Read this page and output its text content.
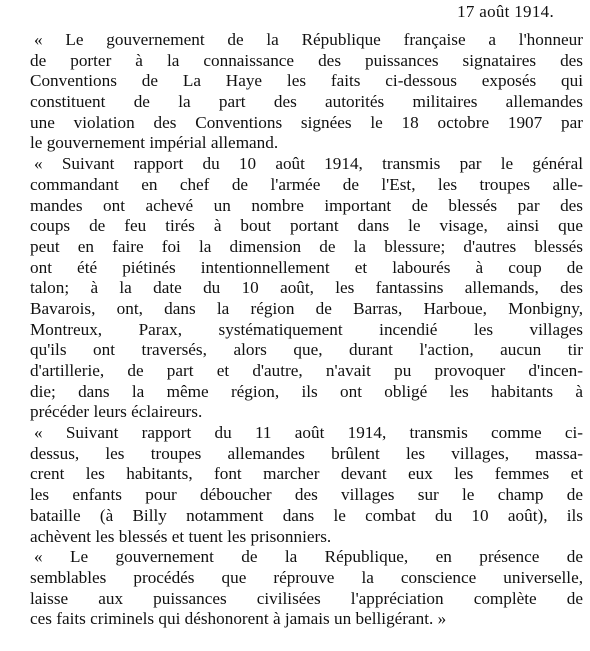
17 août 1914.
« Le gouvernement de la République française a l'honneur
de porter à la connaissance des puissances signataires des
Conventions de La Haye les faits ci-dessous exposés qui
constituent de la part des autorités militaires allemandes
une violation des Conventions signées le 18 octobre 1907 par
le gouvernement impérial allemand.
« Suivant rapport du 10 août 1914, transmis par le général
commandant en chef de l'armée de l'Est, les troupes alle-
mandes ont achevé un nombre important de blessés par des
coups de feu tirés à bout portant dans le visage, ainsi que
peut en faire foi la dimension de la blessure; d'autres blessés
ont été piétinés intentionnellement et labourés à coup de
talon; à la date du 10 août, les fantassins allemands, des
Bavarois, ont, dans la région de Barras, Harboue, Monbigny,
Montreux, Parax, systématiquement incendié les villages
qu'ils ont traversés, alors que, durant l'action, aucun tir
d'artillerie, de part et d'autre, n'avait pu provoquer d'incen-
die; dans la même région, ils ont obligé les habitants à
précéder leurs éclaireurs.
« Suivant rapport du 11 août 1914, transmis comme ci-
dessus, les troupes allemandes brûlent les villages, massa-
crent les habitants, font marcher devant eux les femmes et
les enfants pour déboucher des villages sur le champ de
bataille (à Billy notamment dans le combat du 10 août), ils
achèvent les blessés et tuent les prisonniers.
« Le gouvernement de la République, en présence de
semblables procédés que réprouve la conscience universelle,
laisse aux puissances civilisées l'appréciation complète de
ces faits criminels qui déshonorent à jamais un belligérant. »
